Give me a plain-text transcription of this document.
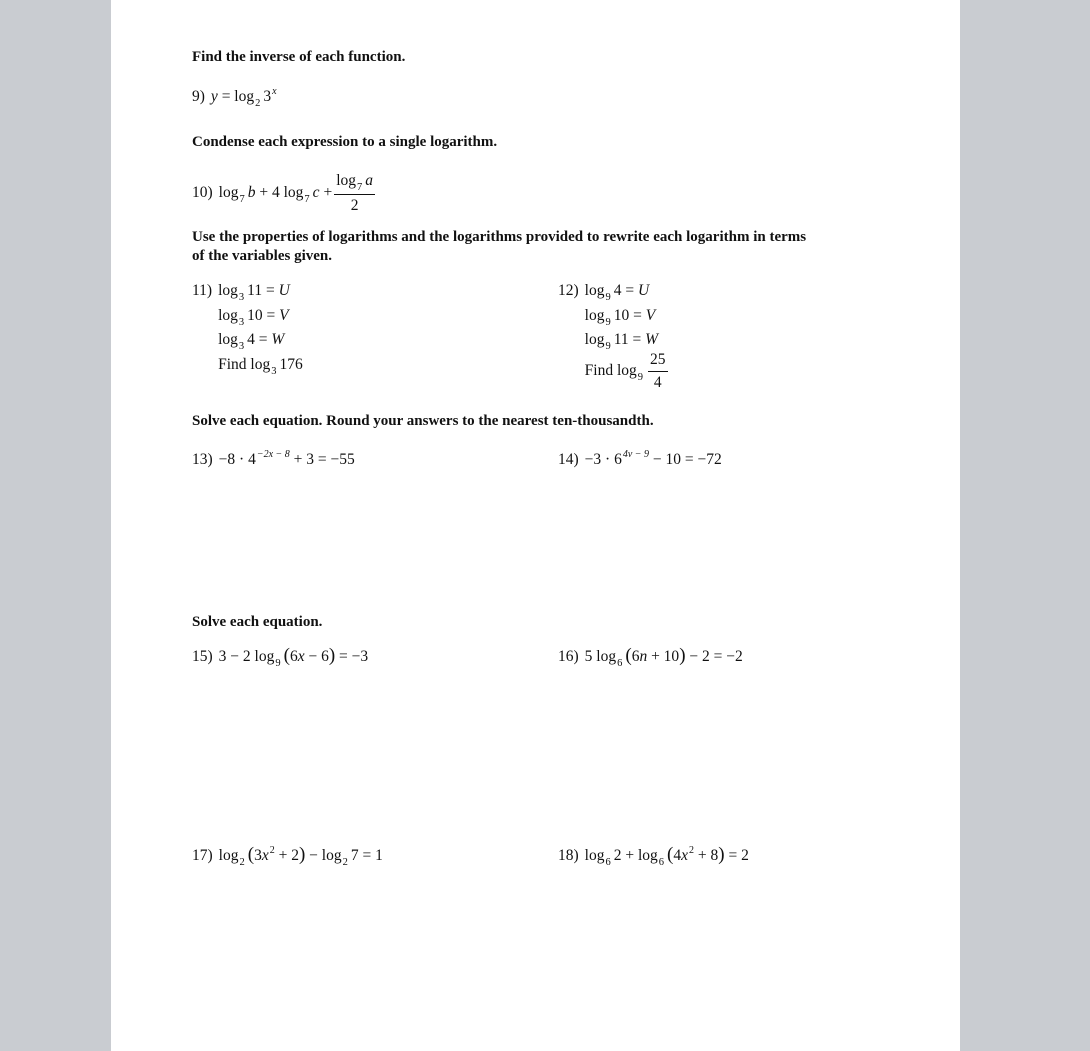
Find the inverse of each function.
9) $y = \log_2 3^x$
Condense each expression to a single logarithm.
10) $\log_7 b + 4$ $\log_7 c + \frac{\log_7 a}{2}$
Use the properties of logarithms and the logarithms provided to rewrite each logarithm in terms
of the variables given.
11) $\log_3 11 = U$
$\log_3 10 = V$
$\log_3 4 = W$
Find $\log_3 176$
12) $\log_9 4 = U$
$\log_9 10 = V$
$\log_9 11 = W$
Find $\log_9 \frac{25}{4}$
Solve each equation. Round your answers to the nearest ten-thousandth.
$13) -8 \cdot 4^{-2x - 8} + 3 = -55$	$14) -3 \cdot 6^{4v - 9} - 10 = -72$
Solve each equation.
15) 3 − 2 $\log_9 (6x - 6) = -3$	16) 5 $\log_6 (6n + 10) - 2 = -2$
17) $\log_2 (3x^2 + 2) - \log_2 7 = 1$	18) $\log_6 2 + \log_6 (4x^2 + 8) = 2$
